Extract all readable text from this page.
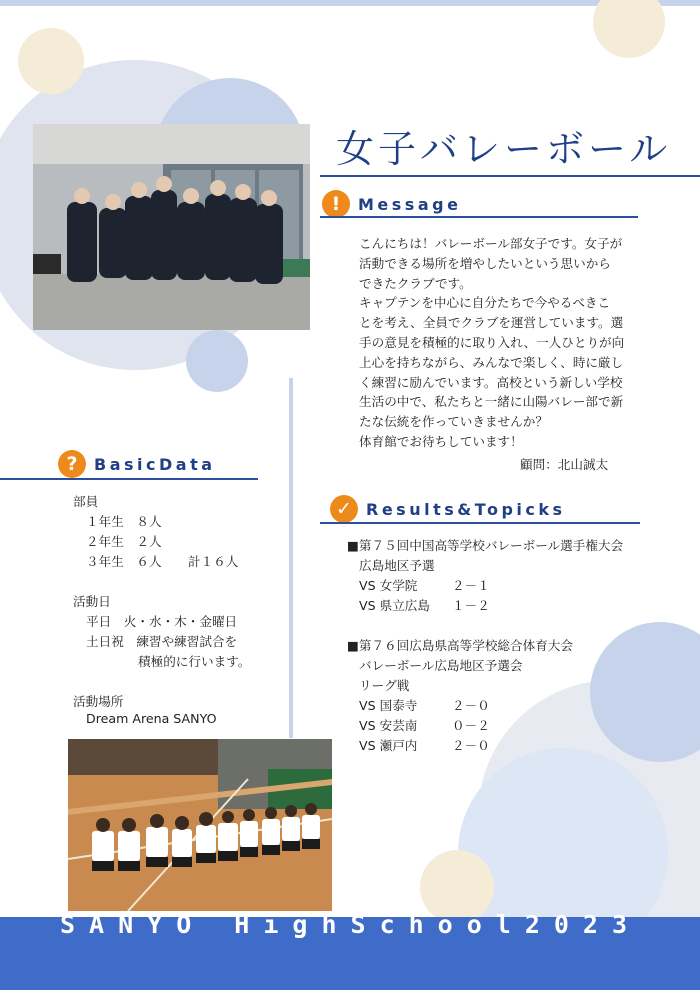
女子バレーボール
!	Message
こんにちは！バレーボール部女子です。女子が
活動できる場所を増やしたいという思いから
できたクラブです。
キャプテンを中心に自分たちで今やるべきこ
とを考え、全員でクラブを運営しています。選
手の意見を積極的に取り入れ、一人ひとりが向
上心を持ちながら、みんなで楽しく、時に厳し
く練習に励んでいます。高校という新しい学校
生活の中で、私たちと一緒に山陽バレー部で新
たな伝統を作っていきませんか？
体育館でお待ちしています！
顧問：北山誠太
?	BasicData
部員
１年生　８人
２年生　２人
３年生　６人 計１６人
活動日
平日　火・水・木・金曜日
土日祝　練習や練習試合を
積極的に行います。
活動場所
Dream Arena SANYO
✓ Results&Topicks
■第７５回中国高等学校バレーボール選手権大会
広島地区予選
VS 女学院	２－１
VS 県立広島 １－２
■第７６回広島県高等学校総合体育大会
バレーボール広島地区予選会
リーグ戦
VS 国泰寺	２－０
VS 安芸南	０－２
VS 瀬戸内	２－０
SANYO HighSchool2023
